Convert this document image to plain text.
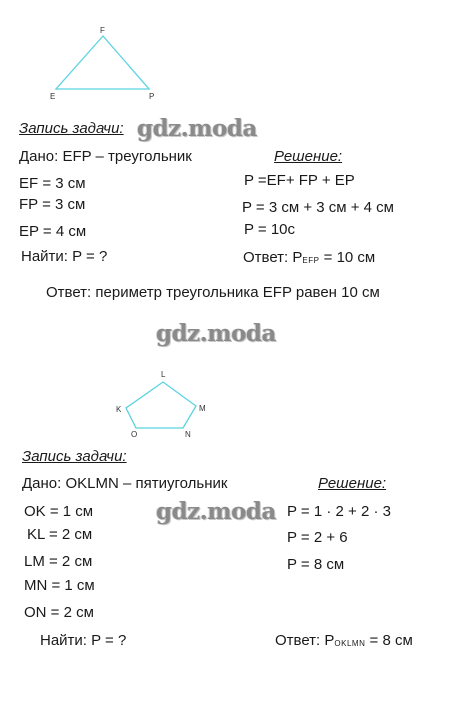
F
E	P
Запись задачи: gdz.moda
Дано: EFP – треугольник	Решение:
EF = 3 см
FP = 3 см
EP = 4 см
P =EF+ FP + EP
P = 3 см + 3 см + 4 см
P = 10с
Найти: P = ?	Ответ: PEFP = 10 см
Ответ: периметр треугольника EFP равен 10 см
gdz.moda
L
M
N
O
K
Запись задачи:
Дано: OKLMN – пятиугольник	Решение:
gdz.moda
OK = 1 см
KL = 2 см
LM = 2 см
MN = 1 см
ON = 2 см
P = 1 · 2 + 2 · 3
P = 2 + 6
P = 8 см
Найти: P = ?	Ответ: POKLMN = 8 см
